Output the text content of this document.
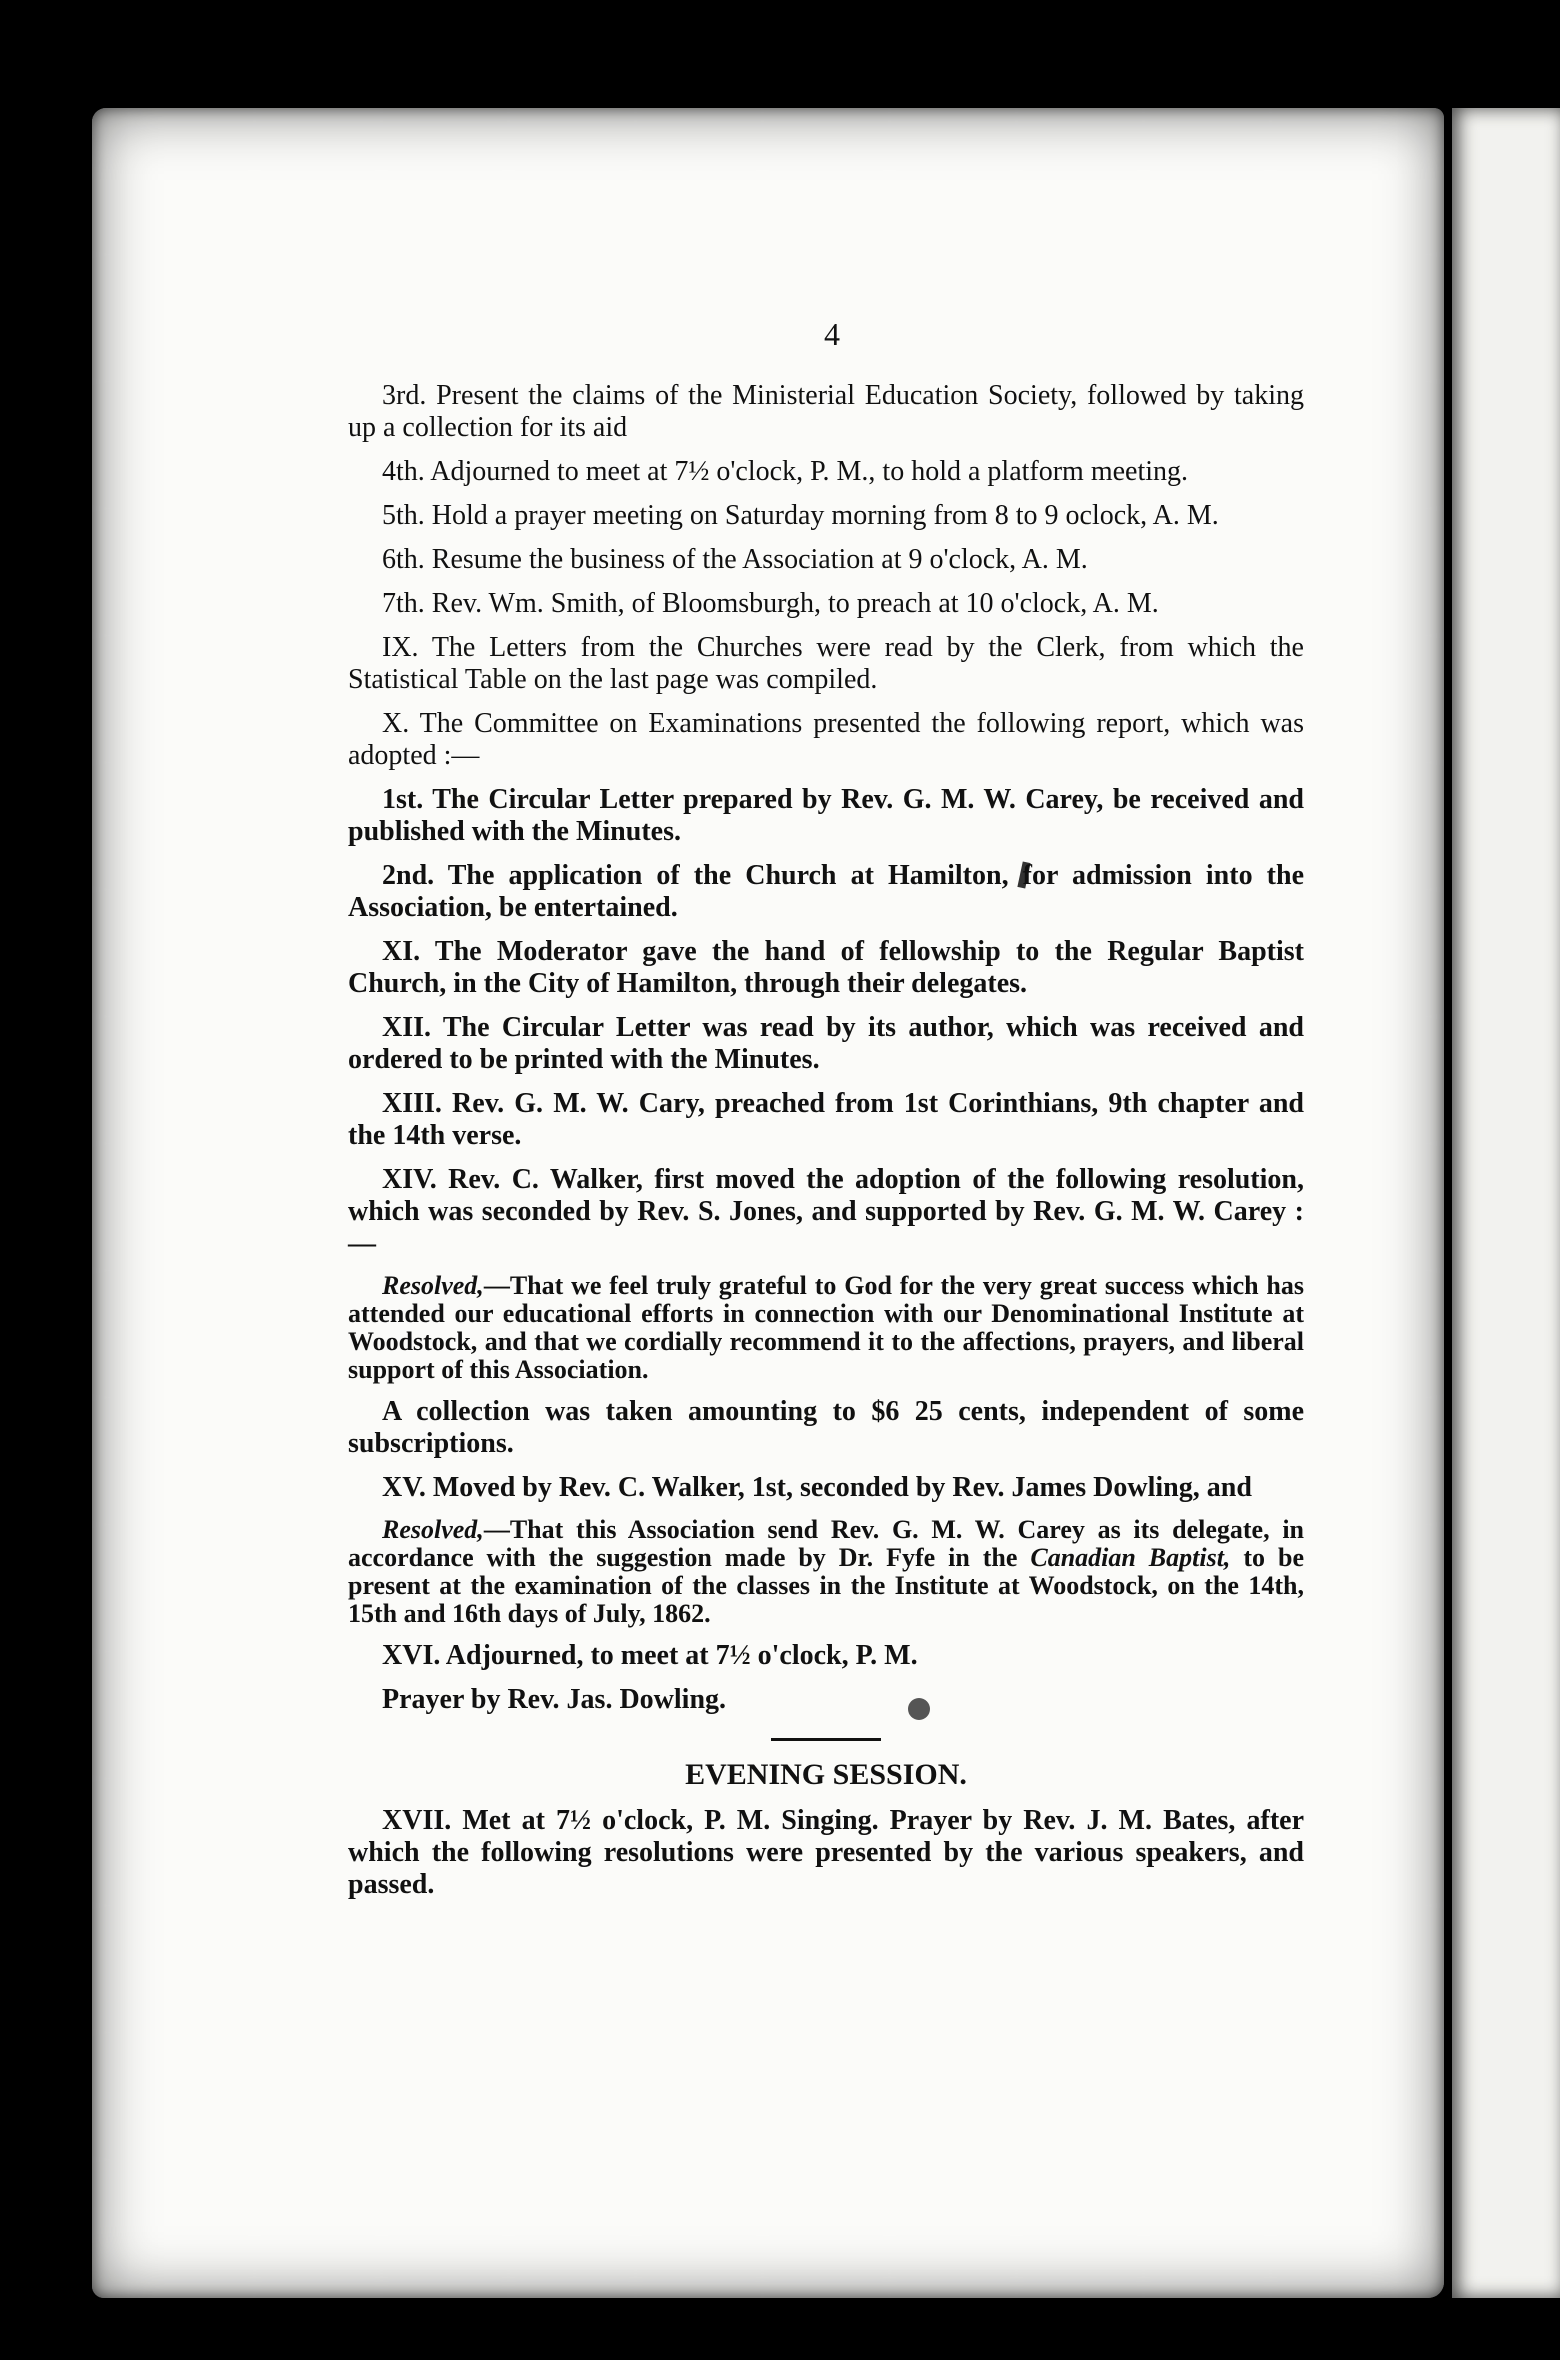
4

3rd. Present the claims of the Ministerial Education Society, followed by taking up a collection for its aid

4th. Adjourned to meet at 7½ o'clock, P. M., to hold a platform meeting.

5th. Hold a prayer meeting on Saturday morning from 8 to 9 oclock, A. M.

6th. Resume the business of the Association at 9 o'clock, A. M.

7th. Rev. Wm. Smith, of Bloomsburgh, to preach at 10 o'clock, A. M.

IX. The Letters from the Churches were read by the Clerk, from which the Statistical Table on the last page was compiled.

X. The Committee on Examinations presented the following report, which was adopted :—

1st. The Circular Letter prepared by Rev. G. M. W. Carey, be received and published with the Minutes.

2nd. The application of the Church at Hamilton, for admission into the Association, be entertained.

XI. The Moderator gave the hand of fellowship to the Regular Baptist Church, in the City of Hamilton, through their delegates.

XII. The Circular Letter was read by its author, which was received and ordered to be printed with the Minutes.

XIII. Rev. G. M. W. Cary, preached from 1st Corinthians, 9th chapter and the 14th verse.

XIV. Rev. C. Walker, first moved the adoption of the following resolution, which was seconded by Rev. S. Jones, and supported by Rev. G. M. W. Carey :—

Resolved,—That we feel truly grateful to God for the very great success which has attended our educational efforts in connection with our Denominational Institute at Woodstock, and that we cordially recommend it to the affections, prayers, and liberal support of this Association.

A collection was taken amounting to $6 25 cents, independent of some subscriptions.

XV. Moved by Rev. C. Walker, 1st, seconded by Rev. James Dowling, and

Resolved,—That this Association send Rev. G. M. W. Carey as its delegate, in accordance with the suggestion made by Dr. Fyfe in the Canadian Baptist, to be present at the examination of the classes in the Institute at Woodstock, on the 14th, 15th and 16th days of July, 1862.

XVI. Adjourned, to meet at 7½ o'clock, P. M.

Prayer by Rev. Jas. Dowling.

EVENING SESSION.

XVII. Met at 7½ o'clock, P. M. Singing. Prayer by Rev. J. M. Bates, after which the following resolutions were presented by the various speakers, and passed.
